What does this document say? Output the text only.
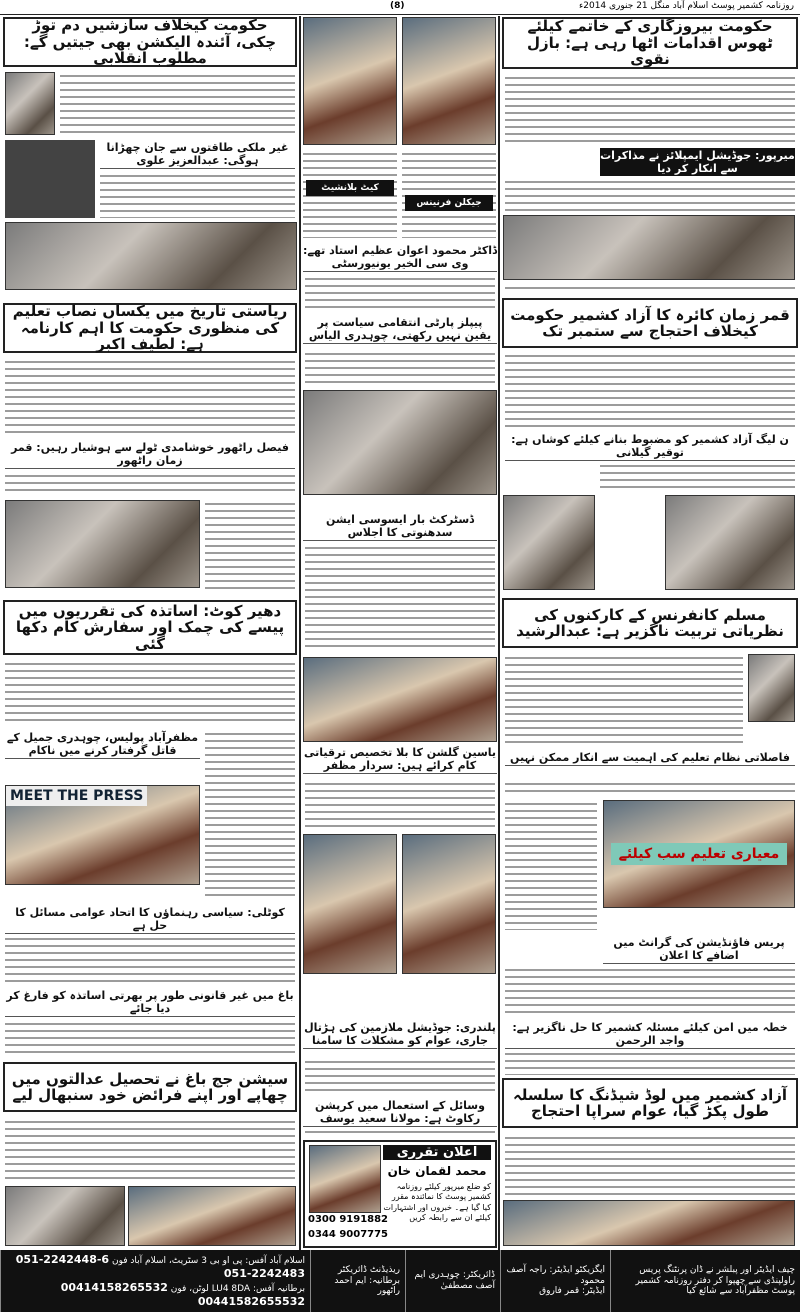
روزنامہ کشمیر پوسٹ اسلام آباد منگل 21 جنوری 2014ء
(8)
حکومت بیروزگاری کے خاتمے کیلئے ٹھوس اقدامات اٹھا رہی ہے: بازل نقوی
میرپور: جوڈیشل ایمپلائز نے مذاکرات سے انکار کر دیا
قمر زمان کائرہ کا آزاد کشمیر حکومت کیخلاف احتجاج سے ستمبر تک
ن لیگ آزاد کشمیر کو مضبوط بنانے کیلئے کوشاں ہے: توقیر گیلانی
مسلم کانفرنس کے کارکنوں کی نظریاتی تربیت ناگزیر ہے: عبدالرشید
فاصلاتی نظام تعلیم کی اہمیت سے انکار ممکن نہیں
معیاری تعلیم سب کیلئے
پریس فاؤنڈیشن کی گرانٹ میں اضافے کا اعلان
خطہ میں امن کیلئے مسئلہ کشمیر کا حل ناگزیر ہے: واجد الرحمن
آزاد کشمیر میں لوڈ شیڈنگ کا سلسلہ طول پکڑ گیا، عوام سراپا احتجاج
جیکلن فرنینس
کیٹ بلانشیٹ
ڈاکٹر محمود اعوان عظیم استاد تھے: وی سی الخیر یونیورسٹی
پیپلز پارٹی انتقامی سیاست پر یقین نہیں رکھتی، چوہدری الیاس
ڈسٹرکٹ بار ایسوسی ایشن سدھنوتی کا اجلاس
یاسین گلشن کا بلا تخصیص ترقیاتی کام کرائے ہیں: سردار مظفر
پلندری: جوڈیشل ملازمین کی ہڑتال جاری، عوام کو مشکلات کا سامنا
وسائل کے استعمال میں کرپشن رکاوٹ ہے: مولانا سعید یوسف
اعلان تقرری
محمد لقمان خان
کو ضلع میرپور کیلئے روزنامہ کشمیر پوسٹ کا نمائندہ مقرر کیا گیا ہے۔ خبروں اور اشتہارات کیلئے ان سے رابطہ کریں
0300 9191882
0344 9007775
حکومت کیخلاف سازشیں دم توڑ چکی، آئندہ الیکشن بھی جیتیں گے: مطلوب انقلابی
غیر ملکی طاقتوں سے جان چھڑانا ہوگی: عبدالعزیز علوی
ریاستی تاریخ میں یکساں نصاب تعلیم کی منظوری حکومت کا اہم کارنامہ ہے: لطیف اکبر
فیصل راٹھور خوشامدی ٹولے سے ہوشیار رہیں: قمر زمان راٹھور
دھیر کوٹ: اساتذہ کی تقرریوں میں پیسے کی چمک اور سفارش کام دکھا گئی
مظفرآباد پولیس، چوہدری جمیل کے قاتل گرفتار کرنے میں ناکام
MEET THE PRESS
کوٹلی: سیاسی رہنماؤں کا اتحاد عوامی مسائل کا حل ہے
باغ میں غیر قانونی طور پر بھرتی اساتذہ کو فارغ کر دیا جائے
سیشن جج باغ نے تحصیل عدالتوں میں چھاپے اور اپنے فرائض خود سنبھال لیے
چیف ایڈیٹر اور پبلشر نے ڈان پرنٹنگ پریس راولپنڈی سے چھپوا کر دفتر روزنامہ کشمیر پوسٹ مظفرآباد سے شائع کیا
ایگزیکٹو ایڈیٹر: راجہ آصف محمود
ایڈیٹر: قمر فاروق
ڈائریکٹر: چوہدری ایم آصف مصطفیٰ
ریذیڈنٹ ڈائریکٹر برطانیہ: ایم احمد راٹھور
اسلام آباد آفس: پی او بی 3 سٹریٹ، اسلام آباد فون 051-2242448-6 051-2242483
برطانیہ آفس: LU4 8DA لوٹن، فون 00414158265532 00441582655532
